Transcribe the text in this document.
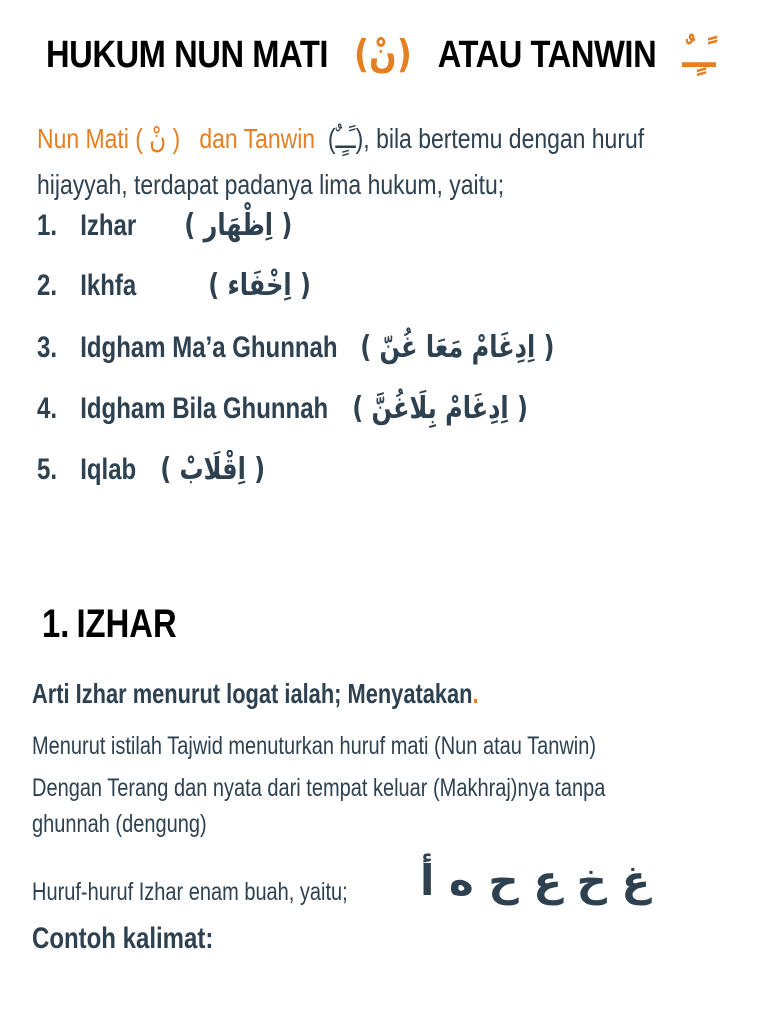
HUKUM NUN MATI (نْ) ATAU TANWIN ـًـٍـٌ
Nun Mati ( نْ ) dan Tanwin (ـًـٍـٌ), bila bertemu dengan huruf
hijayyah, terdapat padanya lima hukum, yaitu;
1. Izhar ( اِظْهَار )
2. Ikhfa ( اِخْفَاء )
3. Idgham Ma’a Ghunnah ( اِدِغَامْ مَعَا غُنّ )
4. Idgham Bila Ghunnah ( اِدِغَامْ بِلَاغُنَّ )
5. Iqlab ( اِقْلَابْ )
1. IZHAR
Arti Izhar menurut logat ialah; Menyatakan.
Menurut istilah Tajwid menuturkan huruf mati (Nun atau Tanwin)
Dengan Terang dan nyata dari tempat keluar (Makhraj)nya tanpa
ghunnah (dengung)
Huruf-huruf Izhar enam buah, yaitu; غ خ ع ح ه أ
Contoh kalimat:
